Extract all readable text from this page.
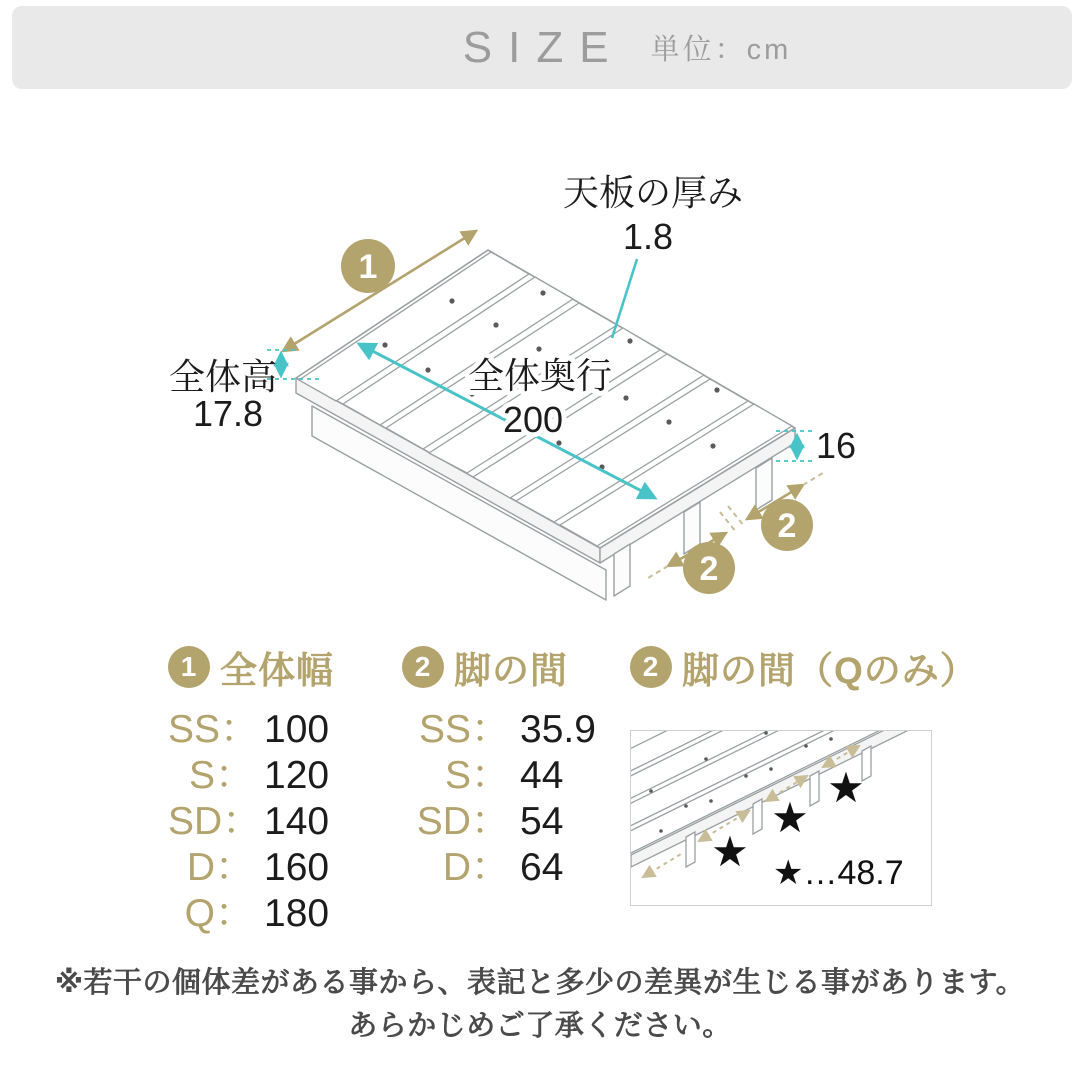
SIZE 単位：cm
1
2
2
天板の厚み
1.8
全体高
17.8
全体奥行
200
16
1 全体幅
SS： 100
S： 120
SD： 140
D： 160
Q： 180
2 脚の間
SS： 35.9
S： 44
SD： 54
D： 64
2 脚の間（Qのみ）
★
★
★
★…48.7
※若干の個体差がある事から、表記と多少の差異が生じる事があります。
あらかじめご了承ください。
